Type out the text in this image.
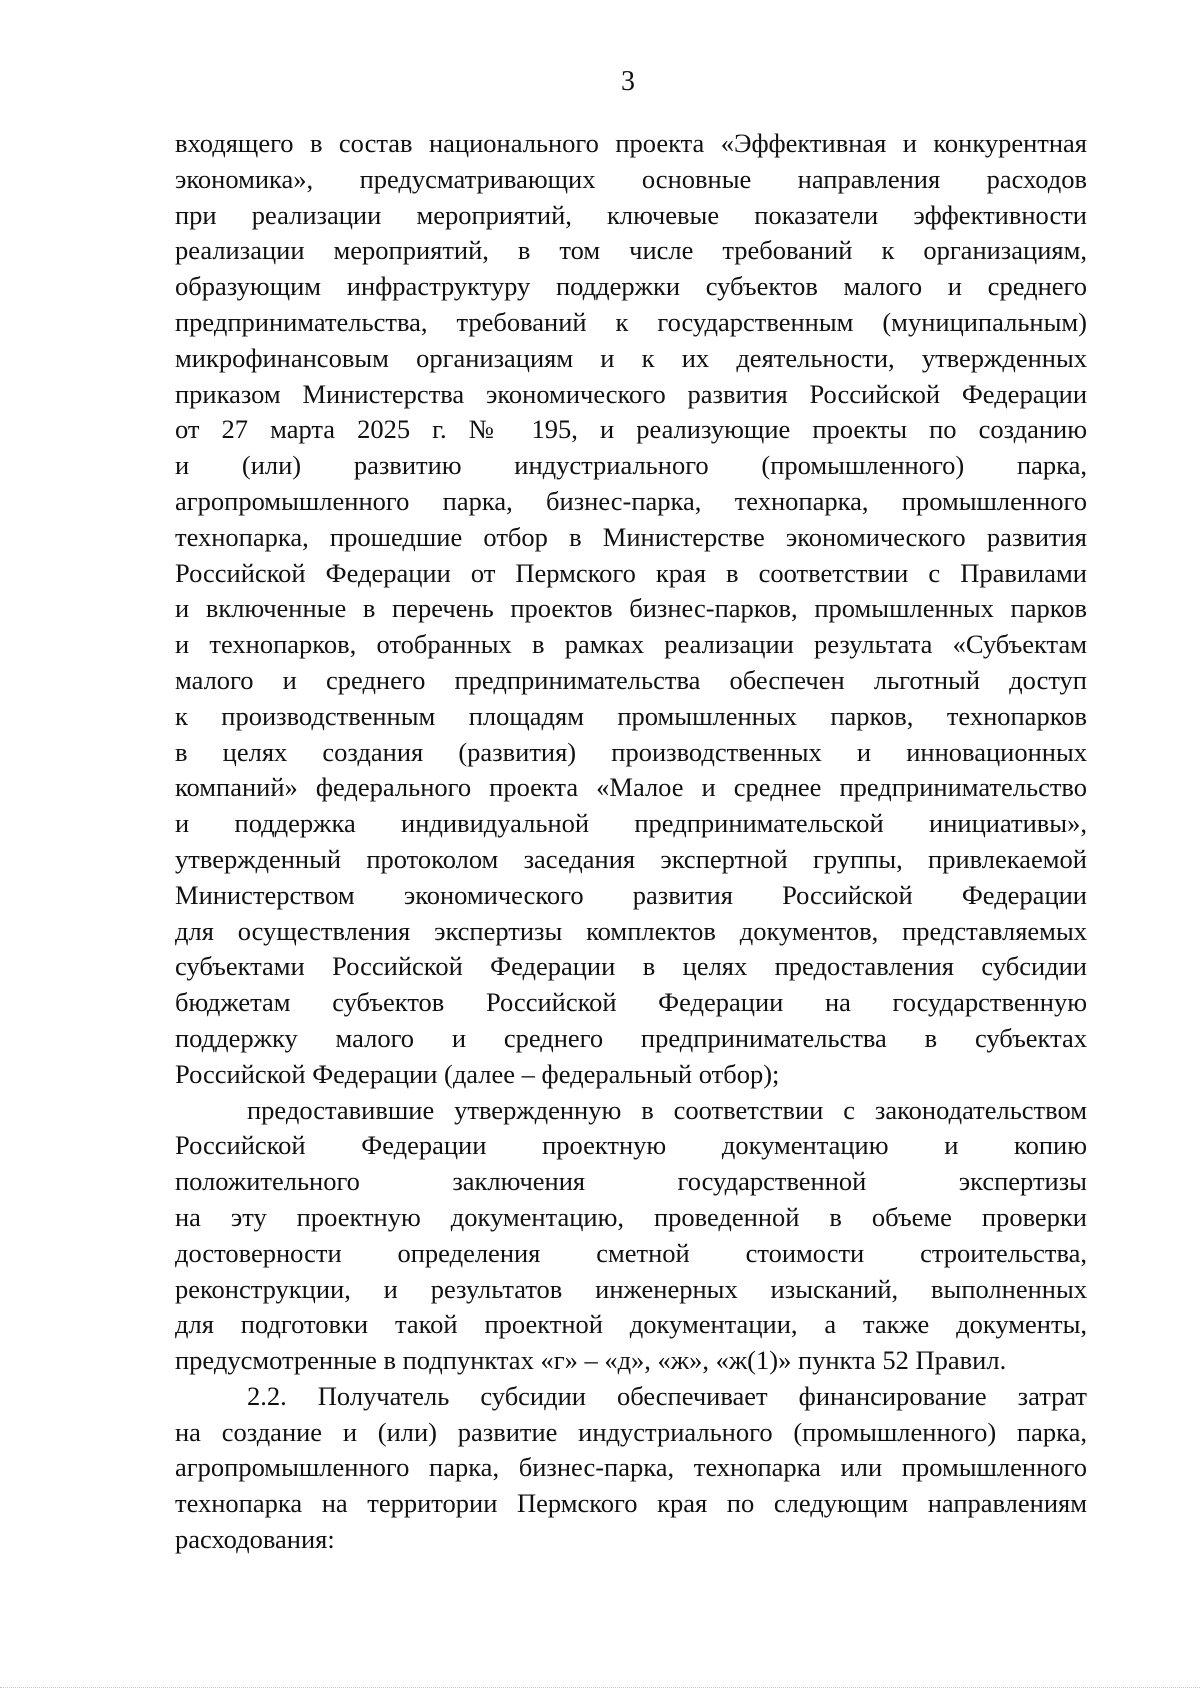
3
входящего в состав национального проекта «Эффективная и конкурентная
экономика», предусматривающих основные направления расходов
при реализации мероприятий, ключевые показатели эффективности
реализации мероприятий, в том числе требований к организациям,
образующим инфраструктуру поддержки субъектов малого и среднего
предпринимательства, требований к государственным (муниципальным)
микрофинансовым организациям и к их деятельности, утвержденных
приказом Министерства экономического развития Российской Федерации
от 27 марта 2025 г. № 195, и реализующие проекты по созданию
и (или) развитию индустриального (промышленного) парка,
агропромышленного парка, бизнес-парка, технопарка, промышленного
технопарка, прошедшие отбор в Министерстве экономического развития
Российской Федерации от Пермского края в соответствии с Правилами
и включенные в перечень проектов бизнес-парков, промышленных парков
и технопарков, отобранных в рамках реализации результата «Субъектам
малого и среднего предпринимательства обеспечен льготный доступ
к производственным площадям промышленных парков, технопарков
в целях создания (развития) производственных и инновационных
компаний» федерального проекта «Малое и среднее предпринимательство
и поддержка индивидуальной предпринимательской инициативы»,
утвержденный протоколом заседания экспертной группы, привлекаемой
Министерством экономического развития Российской Федерации
для осуществления экспертизы комплектов документов, представляемых
субъектами Российской Федерации в целях предоставления субсидии
бюджетам субъектов Российской Федерации на государственную
поддержку малого и среднего предпринимательства в субъектах
Российской Федерации (далее – федеральный отбор);
предоставившие утвержденную в соответствии с законодательством
Российской Федерации проектную документацию и копию
положительного заключения государственной экспертизы
на эту проектную документацию, проведенной в объеме проверки
достоверности определения сметной стоимости строительства,
реконструкции, и результатов инженерных изысканий, выполненных
для подготовки такой проектной документации, а также документы,
предусмотренные в подпунктах «г» – «д», «ж», «ж(1)» пункта 52 Правил.
2.2. Получатель субсидии обеспечивает финансирование затрат
на создание и (или) развитие индустриального (промышленного) парка,
агропромышленного парка, бизнес-парка, технопарка или промышленного
технопарка на территории Пермского края по следующим направлениям
расходования:
